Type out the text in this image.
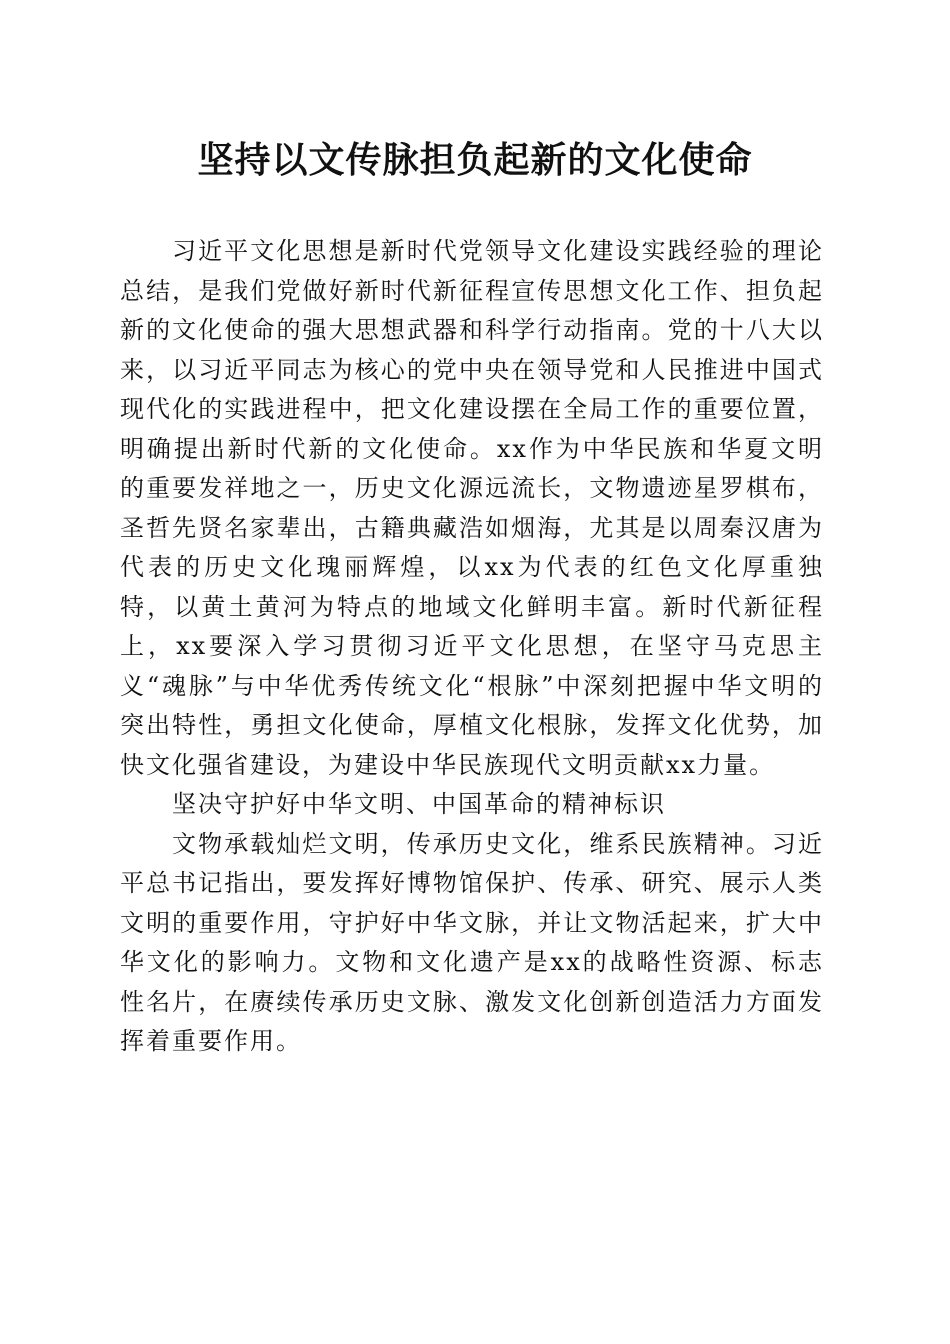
坚持以文传脉担负起新的文化使命

习近平文化思想是新时代党领导文化建设实践经验的理论总结，是我们党做好新时代新征程宣传思想文化工作、担负起新的文化使命的强大思想武器和科学行动指南。党的十八大以来，以习近平同志为核心的党中央在领导党和人民推进中国式现代化的实践进程中，把文化建设摆在全局工作的重要位置，明确提出新时代新的文化使命。xx作为中华民族和华夏文明的重要发祥地之一，历史文化源远流长，文物遗迹星罗棋布，圣哲先贤名家辈出，古籍典藏浩如烟海，尤其是以周秦汉唐为代表的历史文化瑰丽辉煌，以xx为代表的红色文化厚重独特，以黄土黄河为特点的地域文化鲜明丰富。新时代新征程上，xx要深入学习贯彻习近平文化思想，在坚守马克思主义“魂脉”与中华优秀传统文化“根脉”中深刻把握中华文明的突出特性，勇担文化使命，厚植文化根脉，发挥文化优势，加快文化强省建设，为建设中华民族现代文明贡献xx力量。

坚决守护好中华文明、中国革命的精神标识

文物承载灿烂文明，传承历史文化，维系民族精神。习近平总书记指出，要发挥好博物馆保护、传承、研究、展示人类文明的重要作用，守护好中华文脉，并让文物活起来，扩大中华文化的影响力。文物和文化遗产是xx的战略性资源、标志性名片，在赓续传承历史文脉、激发文化创新创造活力方面发挥着重要作用。
